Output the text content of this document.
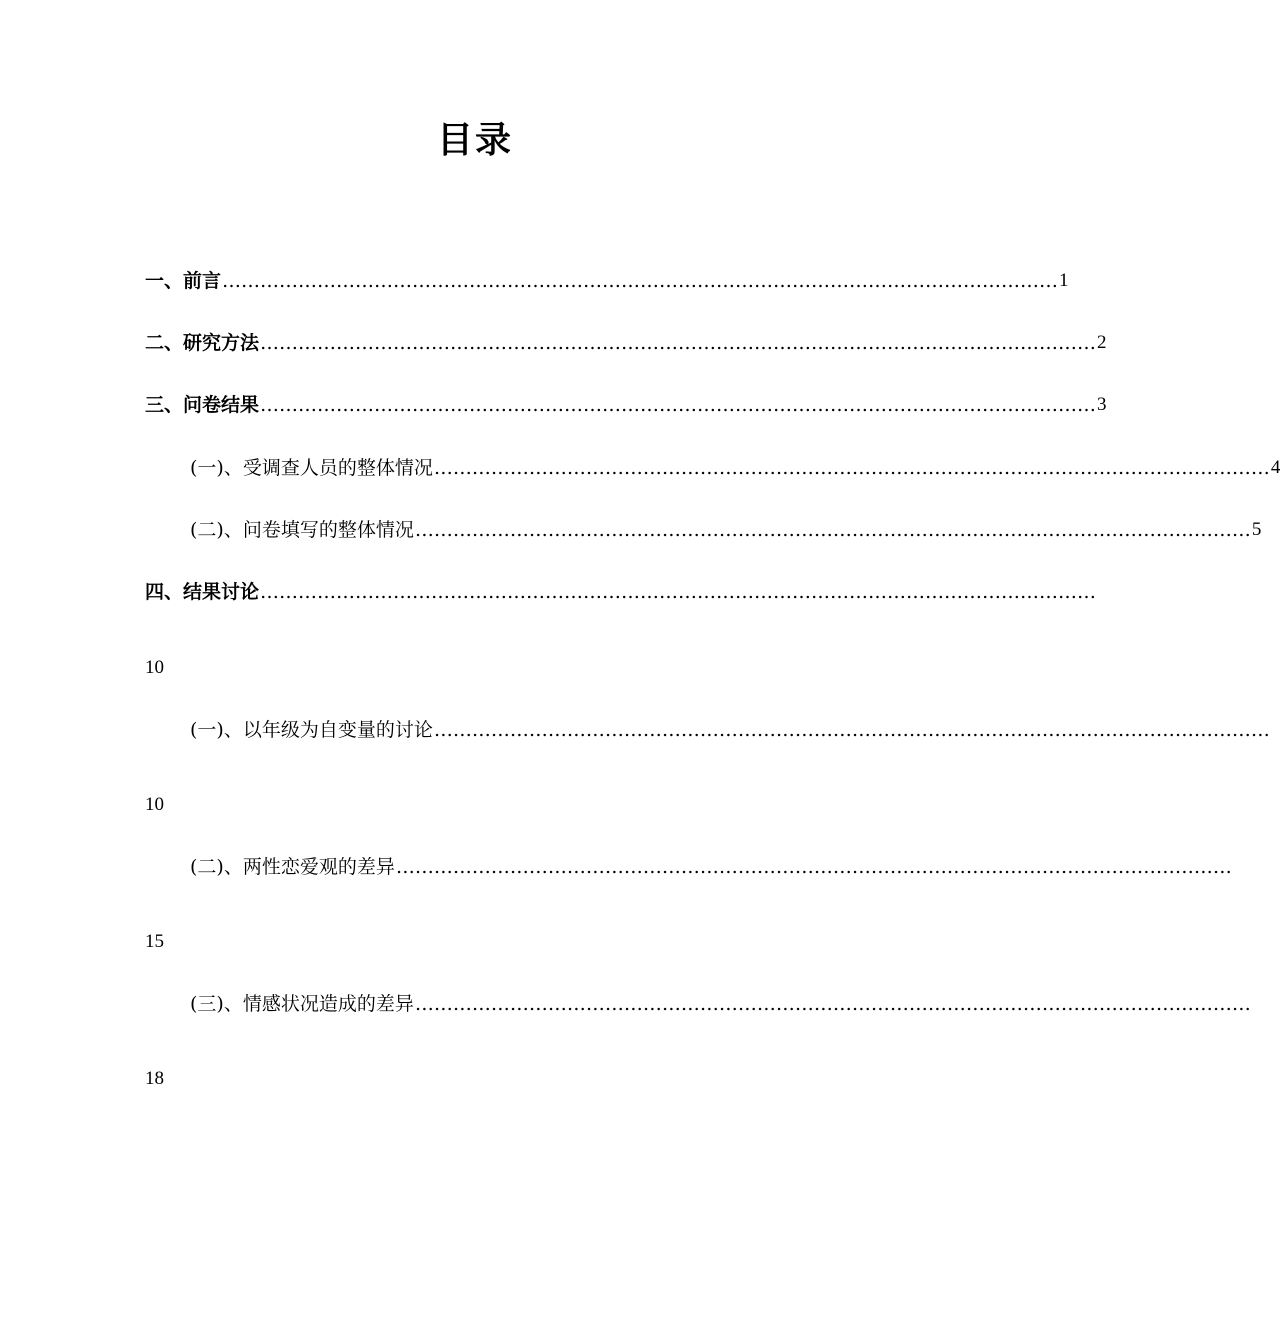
目录
一、前言 …………………………………………………………………………………………………………………… 1
二、研究方法 …………………………………………………………………………………………………………………… 2
三、问卷结果 …………………………………………………………………………………………………………………… 3
(一)、受调查人员的整体情况 …………………………………………………………………………………………………………………… 4
(二)、问卷填写的整体情况 …………………………………………………………………………………………………………………… 5
四、结果讨论 ……………………………………………………………………………………………………………………
10
(一)、以年级为自变量的讨论 ……………………………………………………………………………………………………………………
10
(二)、两性恋爱观的差异 ……………………………………………………………………………………………………………………
15
(三)、情感状况造成的差异 ……………………………………………………………………………………………………………………
18
